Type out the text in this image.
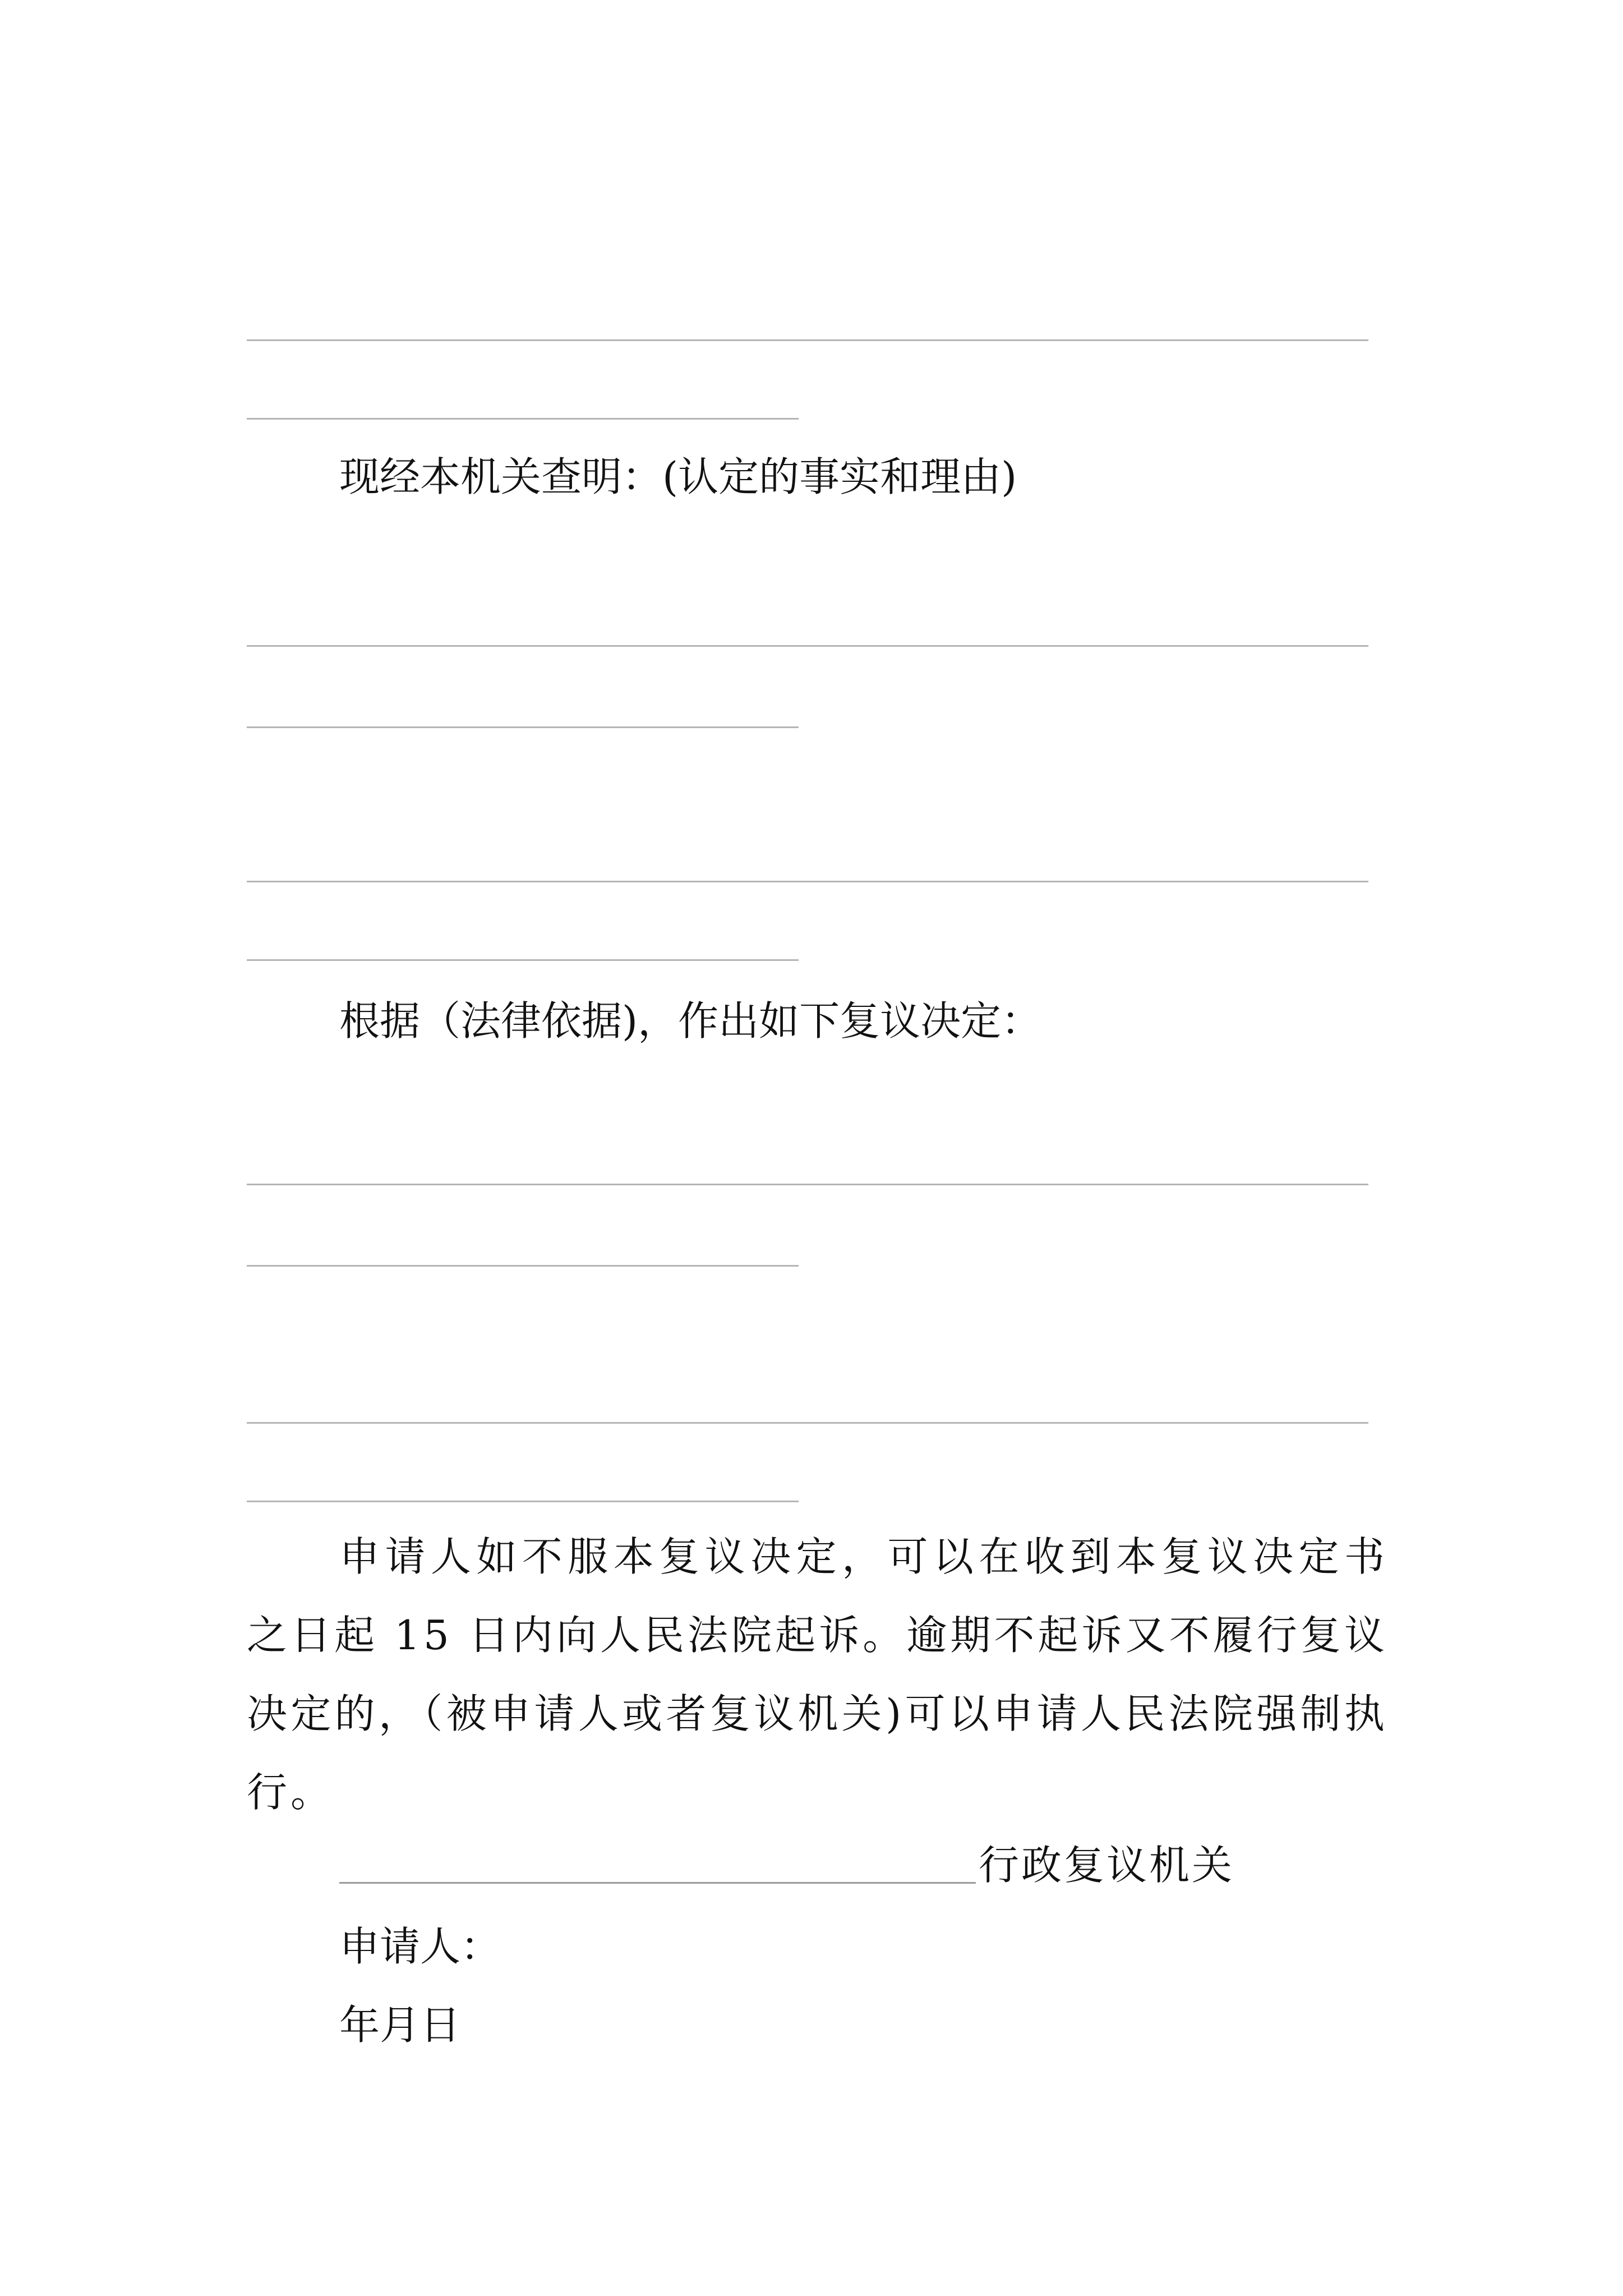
现经本机关查明：(认定的事实和理由)
根据（法律依据)，作出如下复议决定：
申请人如不服本复议决定，可以在收到本复议决定书之日起 15 日内向人民法院起诉。逾期不起诉又不履行复议决定的，（被申请人或者复议机关)可以申请人民法院强制执行。
行政复议机关
申请人：
年月日
